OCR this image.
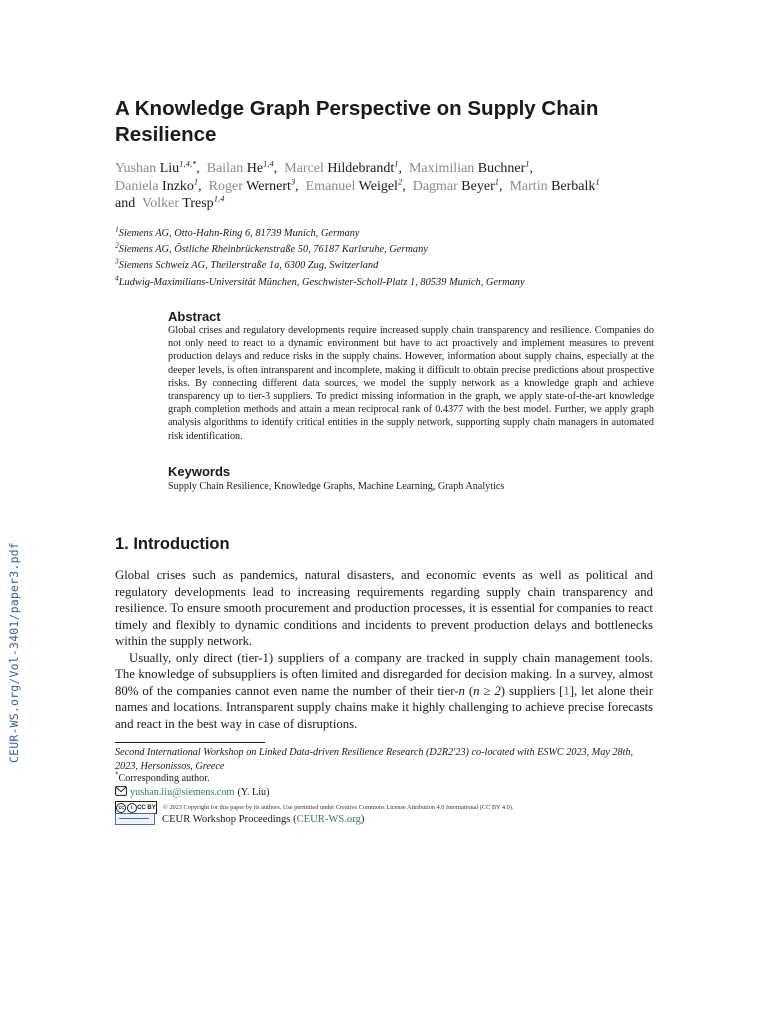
CEUR-WS.org/Vol-3401/paper3.pdf
A Knowledge Graph Perspective on Supply Chain Resilience
Yushan Liu$^{1,4,*}$,  Bailan He$^{1,4}$,  Marcel Hildebrandt$^1$,  Maximilian Buchner$^1$,
Daniela Inzko$^1$,  Roger Wernert$^3$,  Emanuel Weigel$^2$,  Dagmar Beyer$^1$,  Martin Berbalk$^1$
and Volker Tresp$^{1,4}$
$^1$Siemens AG, Otto-Hahn-Ring 6, 81739 Munich, Germany
$^2$Siemens AG, Östliche Rheinbrückenstraße 50, 76187 Karlsruhe, Germany
$^3$Siemens Schweiz AG, Theilerstraße 1a, 6300 Zug, Switzerland
$^4$Ludwig-Maximilians-Universität München, Geschwister-Scholl-Platz 1, 80539 Munich, Germany
Abstract
Global crises and regulatory developments require increased supply chain transparency and resilience. Companies do not only need to react to a dynamic environment but have to act proactively and implement measures to prevent production delays and reduce risks in the supply chains. However, information about supply chains, especially at the deeper levels, is often intransparent and incomplete, making it difficult to obtain precise predictions about prospective risks. By connecting different data sources, we model the supply network as a knowledge graph and achieve transparency up to tier-3 suppliers. To predict missing information in the graph, we apply state-of-the-art knowledge graph completion methods and attain a mean reciprocal rank of 0.4377 with the best model. Further, we apply graph analysis algorithms to identify critical entities in the supply network, supporting supply chain managers in automated risk identification.
Keywords
Supply Chain Resilience, Knowledge Graphs, Machine Learning, Graph Analytics
1. Introduction

Global crises such as pandemics, natural disasters, and economic events as well as political and regulatory developments lead to increasing requirements regarding supply chain transparency and resilience. To ensure smooth procurement and production processes, it is essential for companies to react timely and flexibly to dynamic conditions and incidents to prevent production delays and bottlenecks within the supply network.

Usually, only direct (tier-1) suppliers of a company are tracked in supply chain management tools. The knowledge of subsuppliers is often limited and disregarded for decision making. In a survey, almost 80% of the companies cannot even name the number of their tier-n (n ≥ 2) suppliers [1], let alone their names and locations. Intransparent supply chains make it highly challenging to achieve precise forecasts and react in the best way in case of disruptions.

Second International Workshop on Linked Data-driven Resilience Research (D2R2'23) co-located with ESWC 2023, May 28th, 2023, Hersonissos, Greece
*Corresponding author.
yushan.liu@siemens.com (Y. Liu)
cc	i CC BY © 2023 Copyright for this paper by its authors. Use permitted under Creative Commons License Attribution 4.0 International (CC BY 4.0).
CEUR Workshop Proceedings (CEUR-WS.org)
